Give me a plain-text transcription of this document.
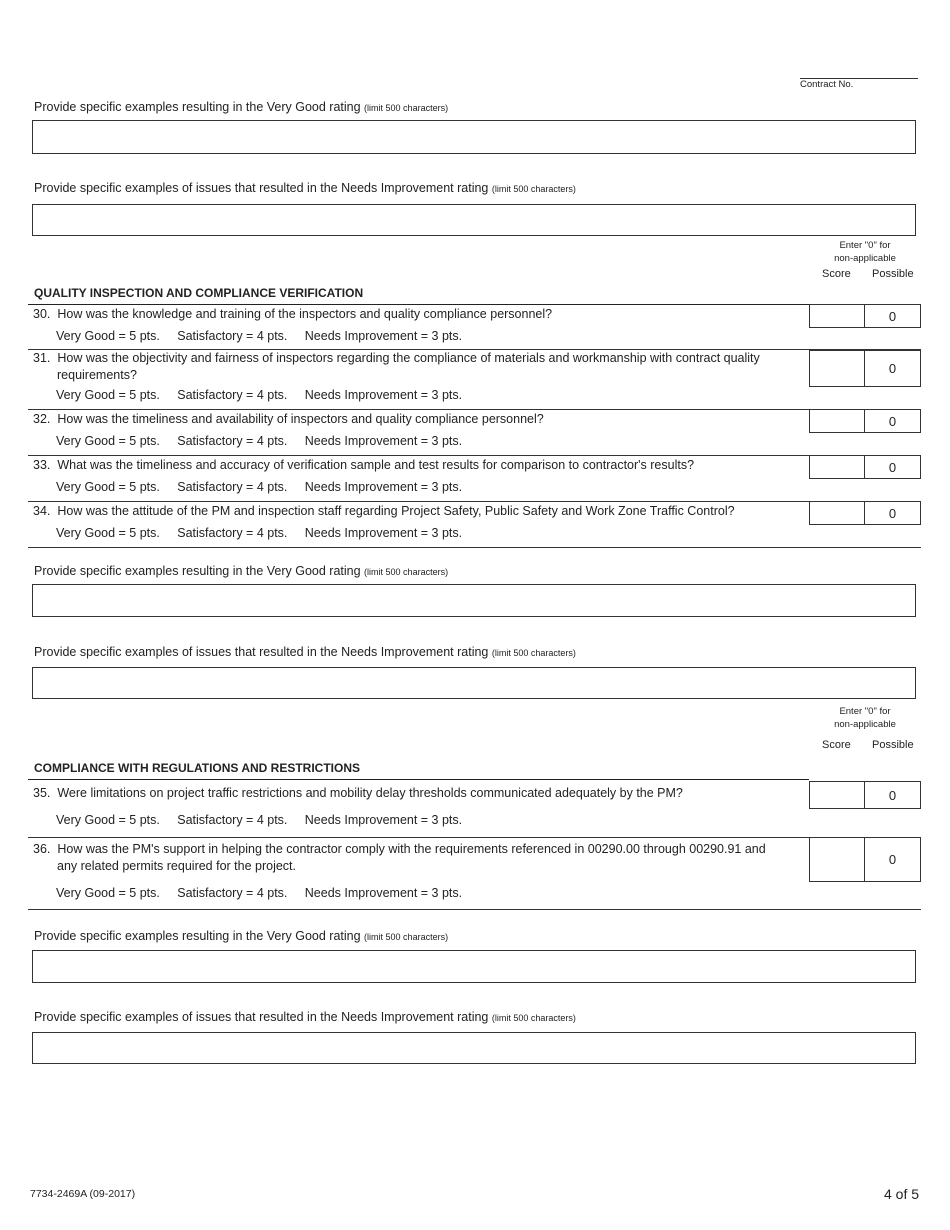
Contract No.
Provide specific examples resulting in the Very Good rating (limit 500 characters)
Provide specific examples of issues that resulted in the Needs Improvement rating (limit 500 characters)
Enter "0" for
non-applicable
Score Possible
QUALITY INSPECTION AND COMPLIANCE VERIFICATION
30. How was the knowledge and training of the inspectors and quality compliance personnel?	0
Very Good = 5 pts. Satisfactory = 4 pts. Needs Improvement = 3 pts.
31. How was the objectivity and fairness of inspectors regarding the compliance of materials and workmanship with contract quality
requirements?	0
Very Good = 5 pts. Satisfactory = 4 pts. Needs Improvement = 3 pts.
32. How was the timeliness and availability of inspectors and quality compliance personnel?	0
Very Good = 5 pts. Satisfactory = 4 pts. Needs Improvement = 3 pts.
33. What was the timeliness and accuracy of verification sample and test results for comparison to contractor's results?	0
Very Good = 5 pts. Satisfactory = 4 pts. Needs Improvement = 3 pts.
34. How was the attitude of the PM and inspection staff regarding Project Safety, Public Safety and Work Zone Traffic Control?	0
Very Good = 5 pts. Satisfactory = 4 pts. Needs Improvement = 3 pts.
Provide specific examples resulting in the Very Good rating (limit 500 characters)
Provide specific examples of issues that resulted in the Needs Improvement rating (limit 500 characters)
Enter "0" for
non-applicable
Score Possible
COMPLIANCE WITH REGULATIONS AND RESTRICTIONS
35. Were limitations on project traffic restrictions and mobility delay thresholds communicated adequately by the PM?	0
Very Good = 5 pts. Satisfactory = 4 pts. Needs Improvement = 3 pts.
36. How was the PM's support in helping the contractor comply with the requirements referenced in 00290.00 through 00290.91 and
any related permits required for the project.	0
Very Good = 5 pts. Satisfactory = 4 pts. Needs Improvement = 3 pts.
Provide specific examples resulting in the Very Good rating (limit 500 characters)
Provide specific examples of issues that resulted in the Needs Improvement rating (limit 500 characters)
7734-2469A (09-2017)	4 of 5
